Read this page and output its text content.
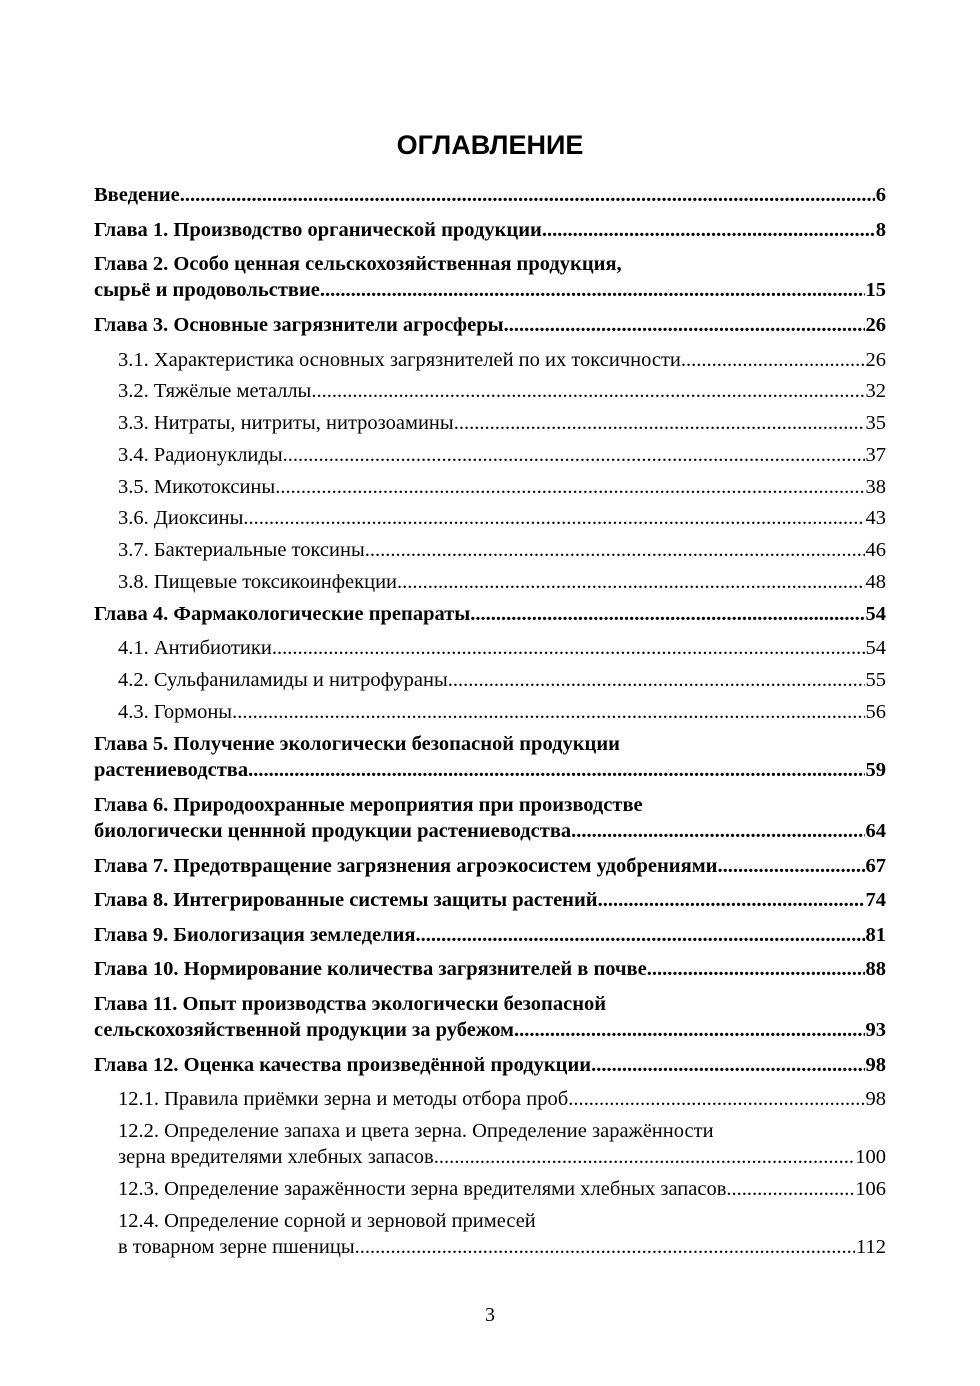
ОГЛАВЛЕНИЕ
Введение .....	6
Глава 1. Производство органической продукции .....	8
Глава 2. Особо ценная сельскохозяйственная продукция,
сырьё и продовольствие .....	15
Глава 3. Основные загрязнители агросферы .....	26
3.1. Характеристика основных загрязнителей по их токсичности .....	26
3.2. Тяжёлые металлы .....	32
3.3. Нитраты, нитриты, нитрозоамины .....	35
3.4. Радионуклиды .....	37
3.5. Микотоксины .....	38
3.6. Диоксины .....	43
3.7. Бактериальные токсины .....	46
3.8. Пищевые токсикоинфекции .....	48
Глава 4. Фармакологические препараты .....	54
4.1. Антибиотики .....	54
4.2. Сульфаниламиды и нитрофураны .....	55
4.3. Гормоны .....	56
Глава 5. Получение экологически безопасной продукции
растениеводства .....	59
Глава 6. Природоохранные мероприятия при производстве
биологически ценнной продукции растениеводства .....	64
Глава 7. Предотвращение загрязнения агроэкосистем удобрениями .....	67
Глава 8. Интегрированные системы защиты растений .....	74
Глава 9. Биологизация земледелия .....	81
Глава 10. Нормирование количества загрязнителей в почве .....	88
Глава 11. Опыт производства экологически безопасной
сельскохозяйственной продукции за рубежом .....	93
Глава 12. Оценка качества произведённой продукции .....	98
12.1. Правила приёмки зерна и методы отбора проб .....	98
12.2. Определение запаха и цвета зерна. Определение заражённости
зерна вредителями хлебных запасов .....	100
12.3. Определение заражённости зерна вредителями хлебных запасов .....	106
12.4. Определение сорной и зерновой примесей
в товарном зерне пшеницы .....	112
3
